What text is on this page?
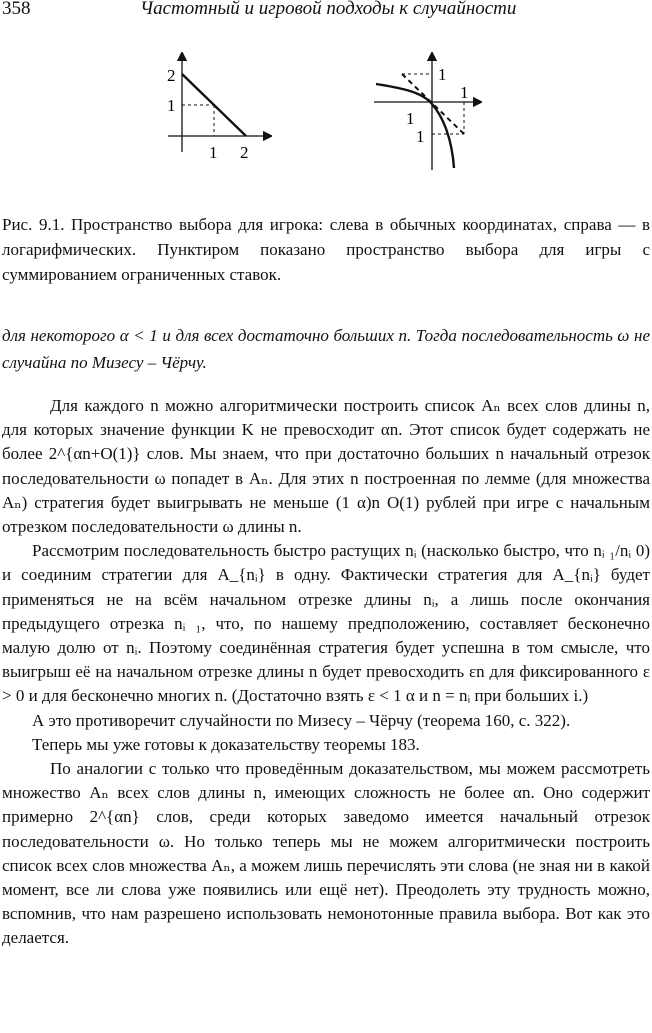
358	Частотный и игровой подходы к случайности
2
1
1 2
1
1
1
1
Рис. 9.1. Пространство выбора для игрока: слева в обычных координатах, справа — в логарифмических. Пунктиром показано пространство выбора для игры с суммированием ограниченных ставок.
для некоторого α < 1 и для всех достаточно больших n. Тогда последовательность ω не случайна по Мизесу – Чёрчу.

Для каждого n можно алгоритмически построить список Aₙ всех слов длины n, для которых значение функции K не превосходит αn. Этот список будет содержать не более 2^{αn+O(1)} слов. Мы знаем, что при достаточно больших n начальный отрезок последовательности ω попадет в Aₙ. Для этих n построенная по лемме (для множества Aₙ) стратегия будет выигрывать не меньше (1 α)n O(1) рублей при игре с начальным отрезком последовательности ω длины n.

Рассмотрим последовательность быстро растущих nᵢ (насколько быстро, что nᵢ ₁/nᵢ 0) и соединим стратегии для A_{nᵢ} в одну. Фактически стратегия для A_{nᵢ} будет применяться не на всём начальном отрезке длины nᵢ, а лишь после окончания предыдущего отрезка nᵢ ₁, что, по нашему предположению, составляет бесконечно малую долю от nᵢ. Поэтому соединённая стратегия будет успешна в том смысле, что выигрыш её на начальном отрезке длины n будет превосходить εn для фиксированного ε > 0 и для бесконечно многих n. (Достаточно взять ε < 1 α и n = nᵢ при больших i.)

А это противоречит случайности по Мизесу – Чёрчу (теорема 160, с. 322).

Теперь мы уже готовы к доказательству теоремы 183.

По аналогии с только что проведённым доказательством, мы можем рассмотреть множество Aₙ всех слов длины n, имеющих сложность не более αn. Оно содержит примерно 2^{αn} слов, среди которых заведомо имеется начальный отрезок последовательности ω. Но только теперь мы не можем алгоритмически построить список всех слов множества Aₙ, а можем лишь перечислять эти слова (не зная ни в какой момент, все ли слова уже появились или ещё нет). Преодолеть эту трудность можно, вспомнив, что нам разрешено использовать немонотонные правила выбора. Вот как это делается.
